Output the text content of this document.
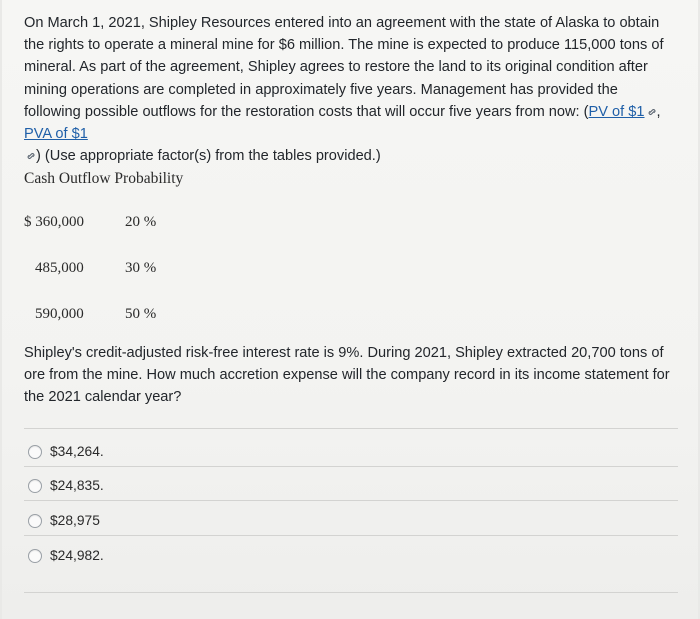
On March 1, 2021, Shipley Resources entered into an agreement with the state of Alaska to obtain the rights to operate a mineral mine for $6 million. The mine is expected to produce 115,000 tons of mineral. As part of the agreement, Shipley agrees to restore the land to its original condition after mining operations are completed in approximately five years. Management has provided the following possible outflows for the restoration costs that will occur five years from now: (PV of $1 , PVA of $1
) (Use appropriate factor(s) from the tables provided.)
Cash Outflow Probability
$ 360,000	20 %
485,000	30 %
590,000	50 %
Shipley's credit-adjusted risk-free interest rate is 9%. During 2021, Shipley extracted 20,700 tons of ore from the mine. How much accretion expense will the company record in its income statement for the 2021 calendar year?
$34,264.
$24,835.
$28,975
$24,982.
